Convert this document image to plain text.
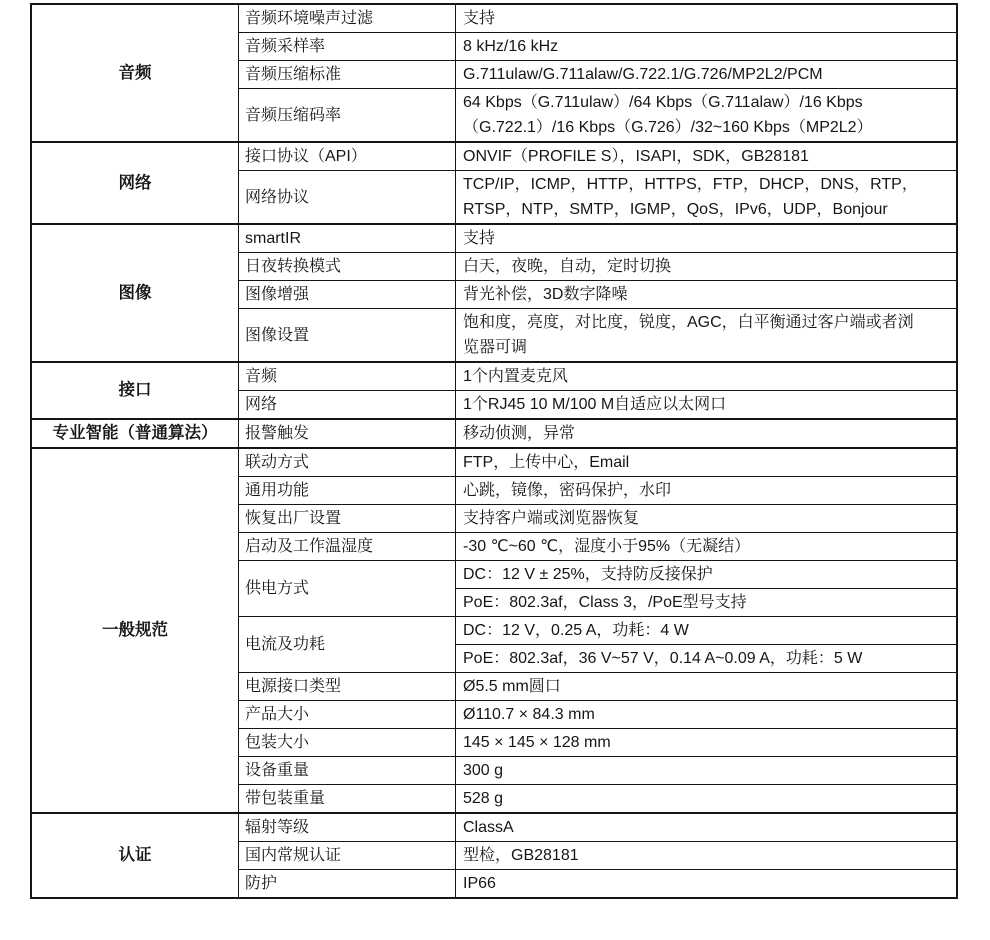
音频	音频环境噪声过滤	支持

	音频采样率	8 kHz/16 kHz

	音频压缩标准	G.711ulaw/G.711alaw/G.722.1/G.726/MP2L2/PCM

	音频压缩码率	64 Kbps（G.711ulaw）/64 Kbps（G.711alaw）/16 Kbps
（G.722.1）/16 Kbps（G.726）/32~160 Kbps（MP2L2）

网络	接口协议（API）	ONVIF（PROFILE S），ISAPI，SDK，GB28181

	网络协议	TCP/IP，ICMP，HTTP，HTTPS，FTP，DHCP，DNS，RTP，
RTSP，NTP，SMTP，IGMP，QoS，IPv6，UDP，Bonjour

图像	smartIR	支持

	日夜转换模式	白天，夜晚，自动，定时切换

	图像增强	背光补偿，3D数字降噪

	图像设置	饱和度，亮度，对比度，锐度，AGC，白平衡通过客户端或者浏
览器可调

接口	音频	1个内置麦克风

	网络	1个RJ45 10 M/100 M自适应以太网口

专业智能（普通算法）	报警触发	移动侦测，异常

一般规范	联动方式	FTP，上传中心，Email

	通用功能	心跳，镜像，密码保护，水印

	恢复出厂设置	支持客户端或浏览器恢复

	启动及工作温湿度	-30 ℃~60 ℃，湿度小于95%（无凝结）

	供电方式	DC：12 V ± 25%，支持防反接保护

		PoE：802.3af，Class 3，/PoE型号支持

	电流及功耗	DC：12 V，0.25 A，功耗：4 W

		PoE：802.3af，36 V~57 V，0.14 A~0.09 A，功耗：5 W

	电源接口类型	Ø5.5 mm圆口

	产品大小	Ø110.7 × 84.3 mm

	包装大小	145 × 145 × 128 mm

	设备重量	300 g

	带包装重量	528 g

认证	辐射等级	ClassA

	国内常规认证	型检，GB28181

	防护	IP66
